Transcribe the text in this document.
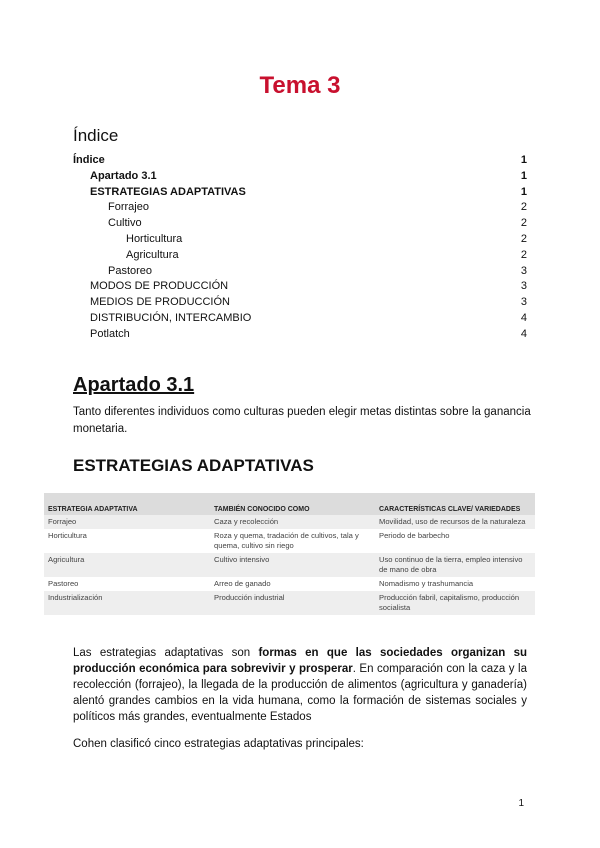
Tema 3
Índice
Índice	1
Apartado 3.1	1
ESTRATEGIAS ADAPTATIVAS	1
Forrajeo	2
Cultivo	2
Horticultura	2
Agricultura	2
Pastoreo	3
MODOS DE PRODUCCIÓN	3
MEDIOS DE PRODUCCIÓN	3
DISTRIBUCIÓN, INTERCAMBIO	4
Potlatch	4
Apartado 3.1
Tanto diferentes individuos como culturas pueden elegir metas distintas sobre la ganancia monetaria.
ESTRATEGIAS ADAPTATIVAS
ESTRATEGIA ADAPTATIVA	TAMBIÉN CONOCIDO COMO	CARACTERÍSTICAS CLAVE/ VARIEDADES
Forrajeo	Caza y recolección	Movilidad, uso de recursos de la naturaleza
Horticultura	Roza y quema, tradación de cultivos, tala y quema, cultivo sin riego	Periodo de barbecho
Agricultura	Cultivo intensivo	Uso continuo de la tierra, empleo intensivo de mano de obra
Pastoreo	Arreo de ganado	Nomadismo y trashumancia
Industrialización	Producción industrial	Producción fabril, capitalismo, producción socialista
Las estrategias adaptativas son formas en que las sociedades organizan su producción económica para sobrevivir y prosperar. En comparación con la caza y la recolección (forrajeo), la llegada de la producción de alimentos (agricultura y ganadería) alentó grandes cambios en la vida humana, como la formación de sistemas sociales y políticos más grandes, eventualmente Estados
Cohen clasificó cinco estrategias adaptativas principales:
1
